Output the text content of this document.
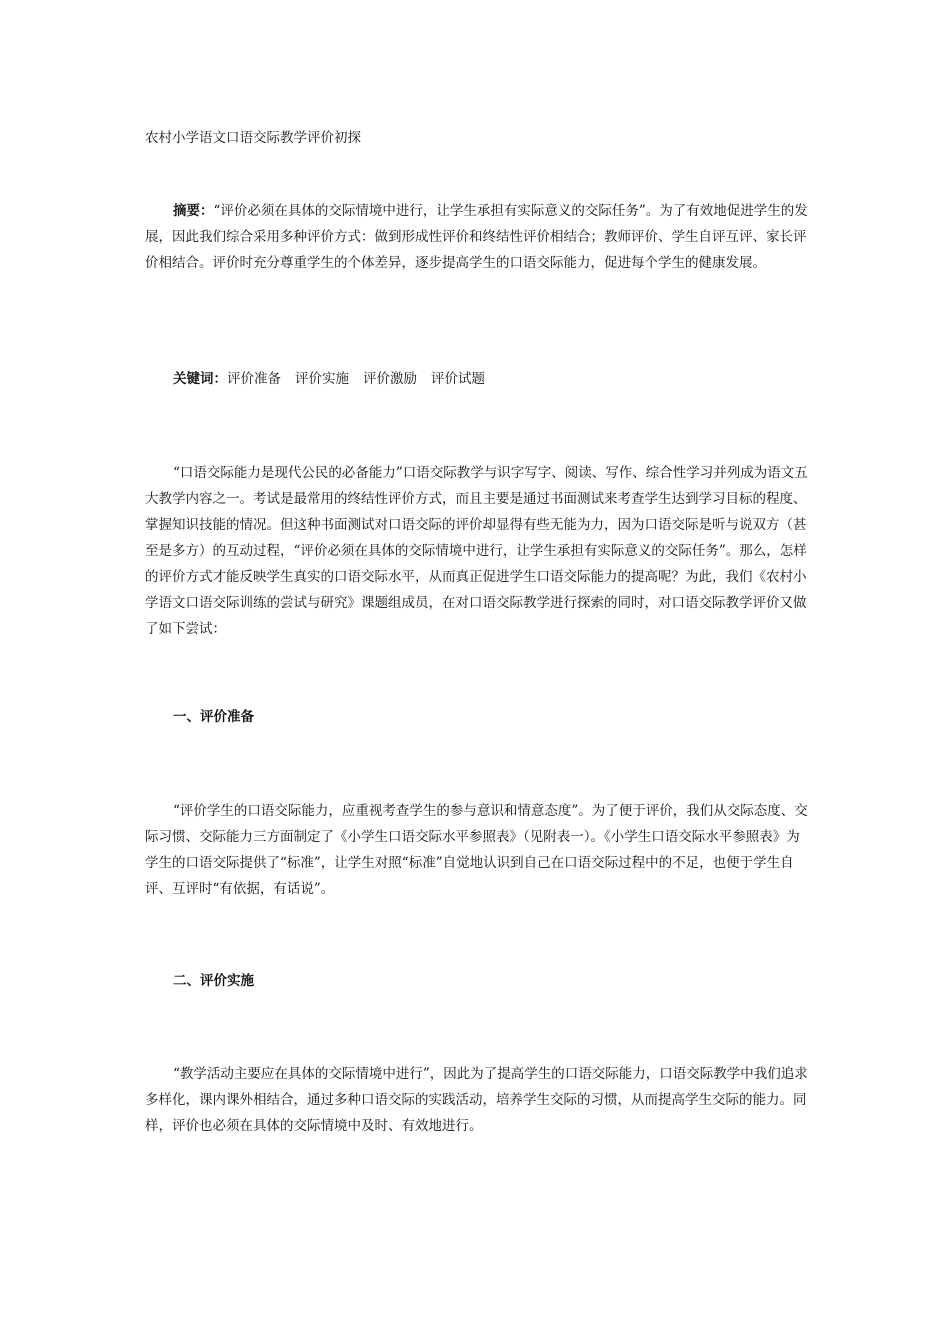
农村小学语文口语交际教学评价初探

摘要：“评价必须在具体的交际情境中进行，让学生承担有实际意义的交际任务”。为了有效地促进学生的发展，因此我们综合采用多种评价方式：做到形成性评价和终结性评价相结合；教师评价、学生自评互评、家长评价相结合。评价时充分尊重学生的个体差异，逐步提高学生的口语交际能力，促进每个学生的健康发展。

关键词：评价准备 评价实施 评价激励 评价试题

“口语交际能力是现代公民的必备能力”口语交际教学与识字写字、阅读、写作、综合性学习并列成为语文五大教学内容之一。考试是最常用的终结性评价方式，而且主要是通过书面测试来考查学生达到学习目标的程度、掌握知识技能的情况。但这种书面测试对口语交际的评价却显得有些无能为力，因为口语交际是听与说双方（甚至是多方）的互动过程，“评价必须在具体的交际情境中进行，让学生承担有实际意义的交际任务”。那么，怎样的评价方式才能反映学生真实的口语交际水平，从而真正促进学生口语交际能力的提高呢？为此，我们《农村小学语文口语交际训练的尝试与研究》课题组成员，在对口语交际教学进行探索的同时，对口语交际教学评价又做了如下尝试：

一、评价准备

“评价学生的口语交际能力，应重视考查学生的参与意识和情意态度”。为了便于评价，我们从交际态度、交际习惯、交际能力三方面制定了《小学生口语交际水平参照表》（见附表一）。《小学生口语交际水平参照表》为学生的口语交际提供了“标准”，让学生对照“标准”自觉地认识到自己在口语交际过程中的不足，也便于学生自评、互评时“有依据，有话说”。

二、评价实施

“教学活动主要应在具体的交际情境中进行”，因此为了提高学生的口语交际能力，口语交际教学中我们追求多样化，课内课外相结合，通过多种口语交际的实践活动，培养学生交际的习惯，从而提高学生交际的能力。同样，评价也必须在具体的交际情境中及时、有效地进行。
